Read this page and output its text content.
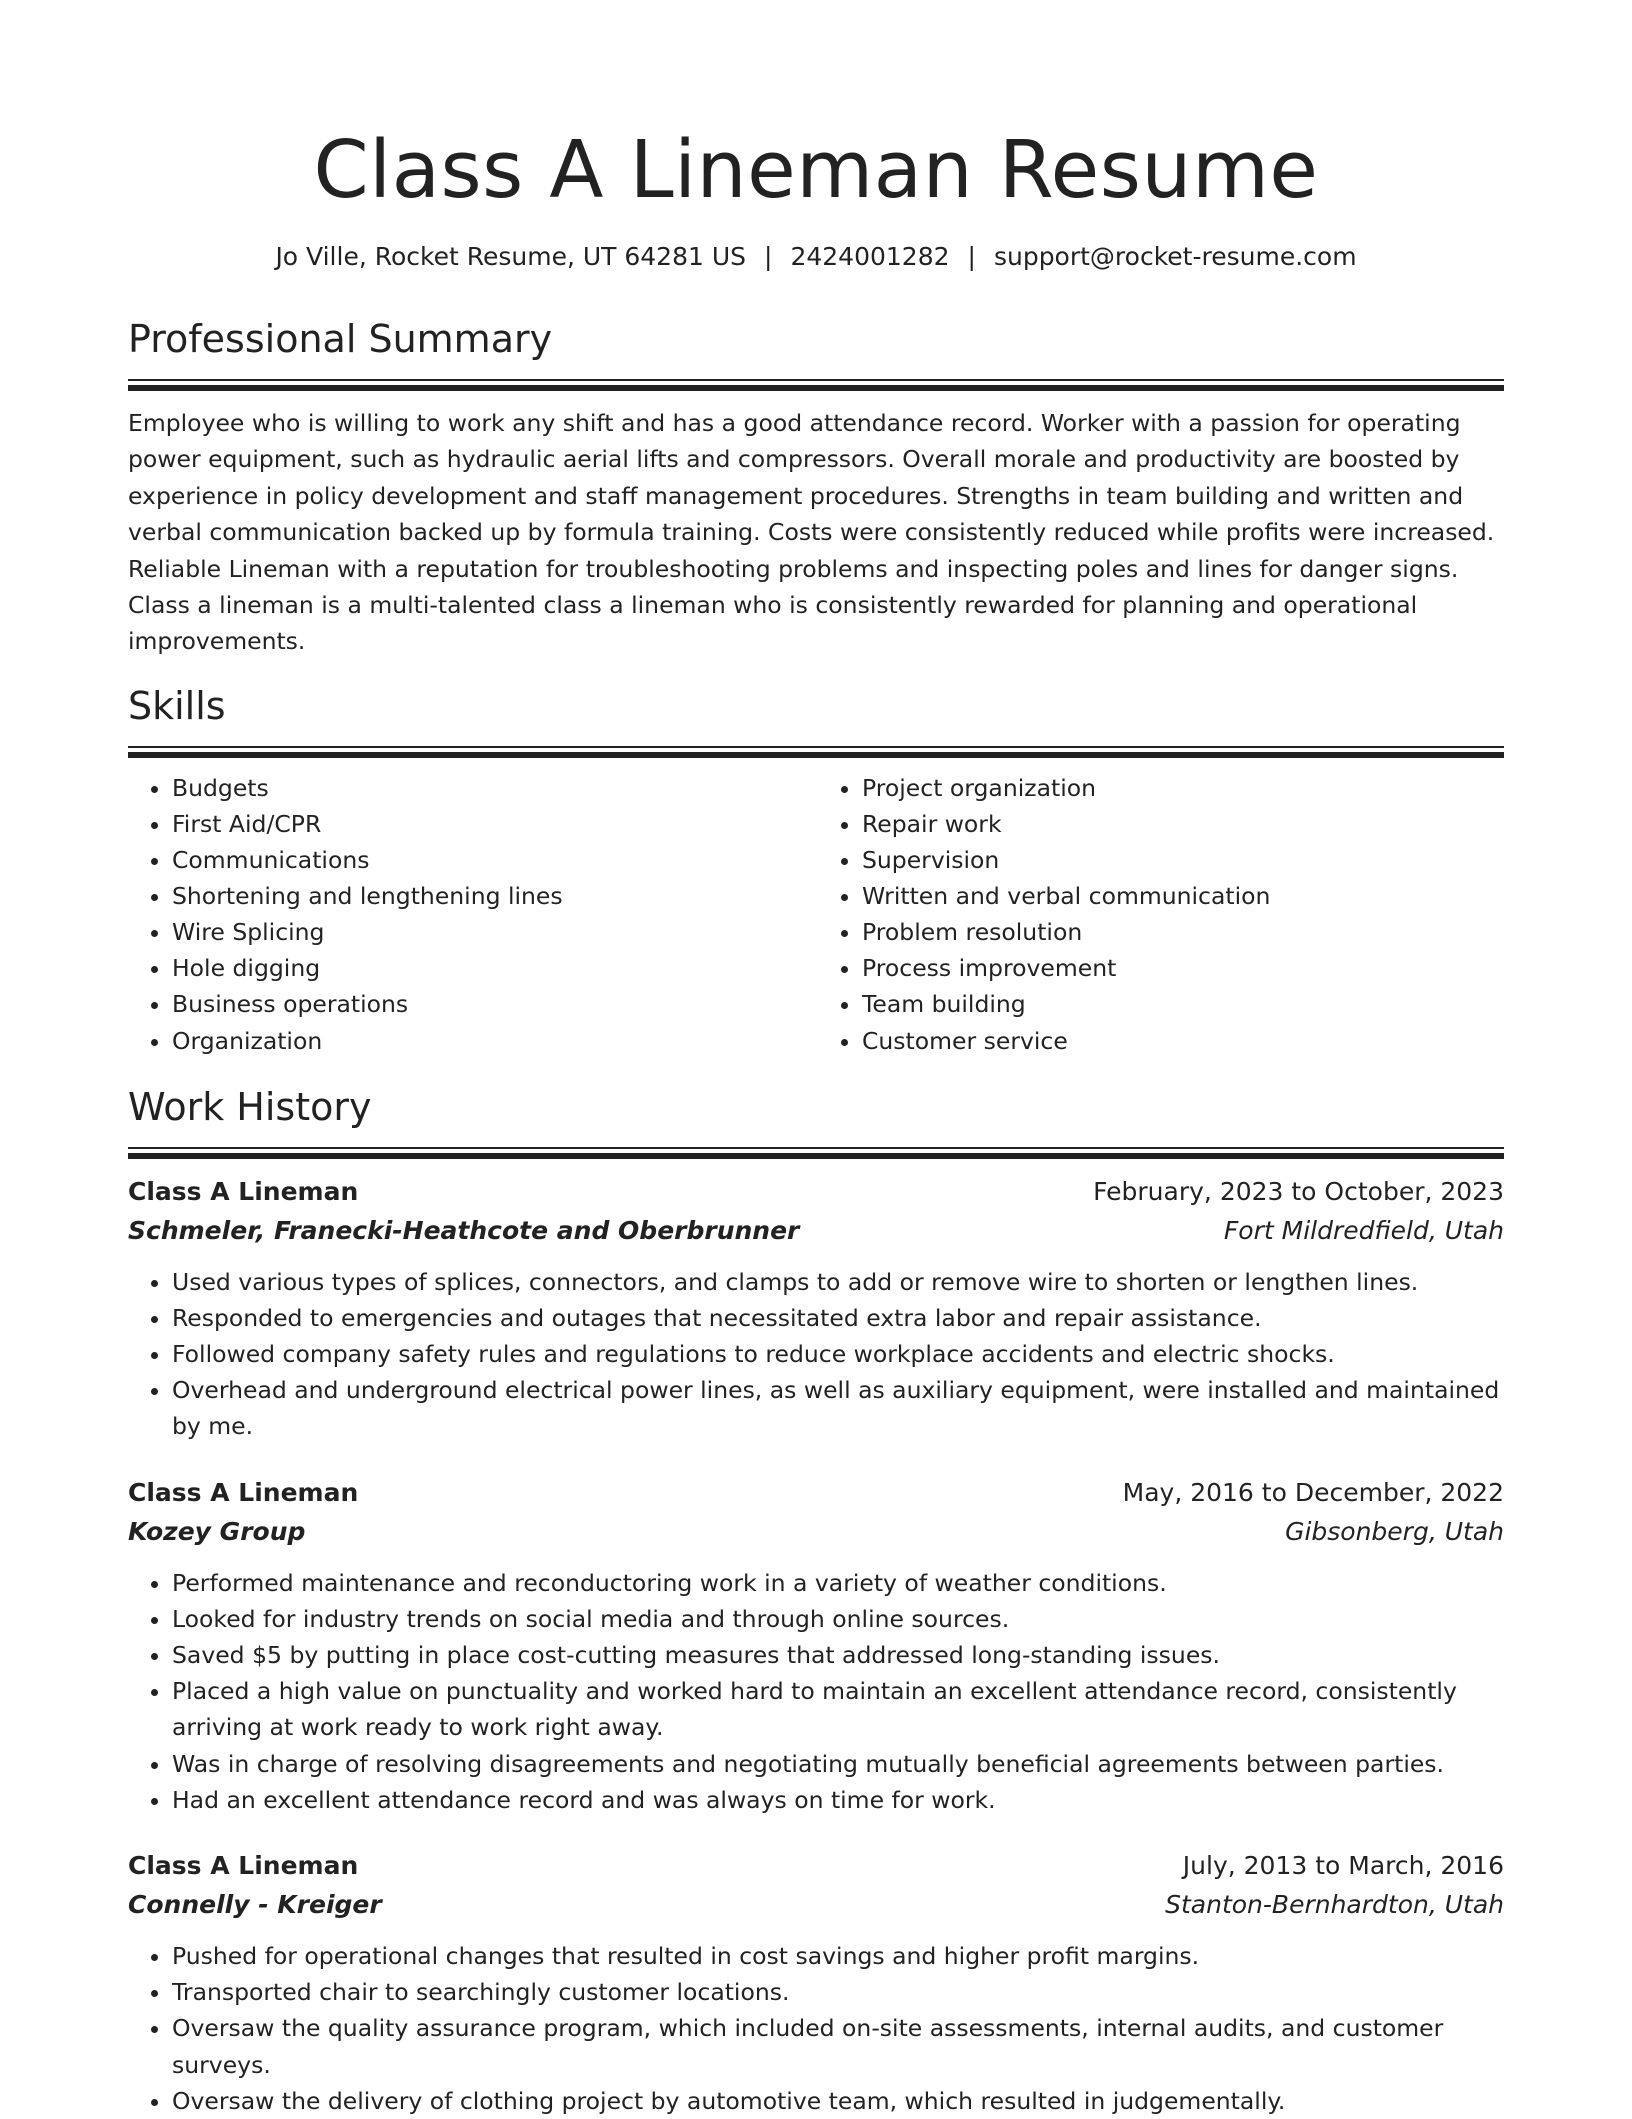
Class A Lineman Resume
Jo Ville, Rocket Resume, UT 64281 US | 2424001282 | support@rocket-resume.com
Professional Summary

Employee who is willing to work any shift and has a good attendance record. Worker with a passion for operating power equipment, such as hydraulic aerial lifts and compressors. Overall morale and productivity are boosted by experience in policy development and staff management procedures. Strengths in team building and written and verbal communication backed up by formula training. Costs were consistently reduced while profits were increased. Reliable Lineman with a reputation for troubleshooting problems and inspecting poles and lines for danger signs. Class a lineman is a multi-talented class a lineman who is consistently rewarded for planning and operational improvements.

Skills
• Budgets
• First Aid/CPR
• Communications
• Shortening and lengthening lines
• Wire Splicing
• Hole digging
• Business operations
• Organization
• Project organization
• Repair work
• Supervision
• Written and verbal communication
• Problem resolution
• Process improvement
• Team building
• Customer service
Work History
Class A Lineman	February, 2023 to October, 2023
Schmeler, Franecki-Heathcote and Oberbrunner	Fort Mildredfield, Utah
• Used various types of splices, connectors, and clamps to add or remove wire to shorten or lengthen lines.
• Responded to emergencies and outages that necessitated extra labor and repair assistance.
• Followed company safety rules and regulations to reduce workplace accidents and electric shocks.
• Overhead and underground electrical power lines, as well as auxiliary equipment, were installed and maintained by me.
Class A Lineman	May, 2016 to December, 2022
Kozey Group	Gibsonberg, Utah
• Performed maintenance and reconductoring work in a variety of weather conditions.
• Looked for industry trends on social media and through online sources.
• Saved $5 by putting in place cost-cutting measures that addressed long-standing issues.
• Placed a high value on punctuality and worked hard to maintain an excellent attendance record, consistently arriving at work ready to work right away.
• Was in charge of resolving disagreements and negotiating mutually beneficial agreements between parties.
• Had an excellent attendance record and was always on time for work.
Class A Lineman	July, 2013 to March, 2016
Connelly - Kreiger	Stanton-Bernhardton, Utah
• Pushed for operational changes that resulted in cost savings and higher profit margins.
• Transported chair to searchingly customer locations.
• Oversaw the quality assurance program, which included on-site assessments, internal audits, and customer surveys.
• Oversaw the delivery of clothing project by automotive team, which resulted in judgementally.
